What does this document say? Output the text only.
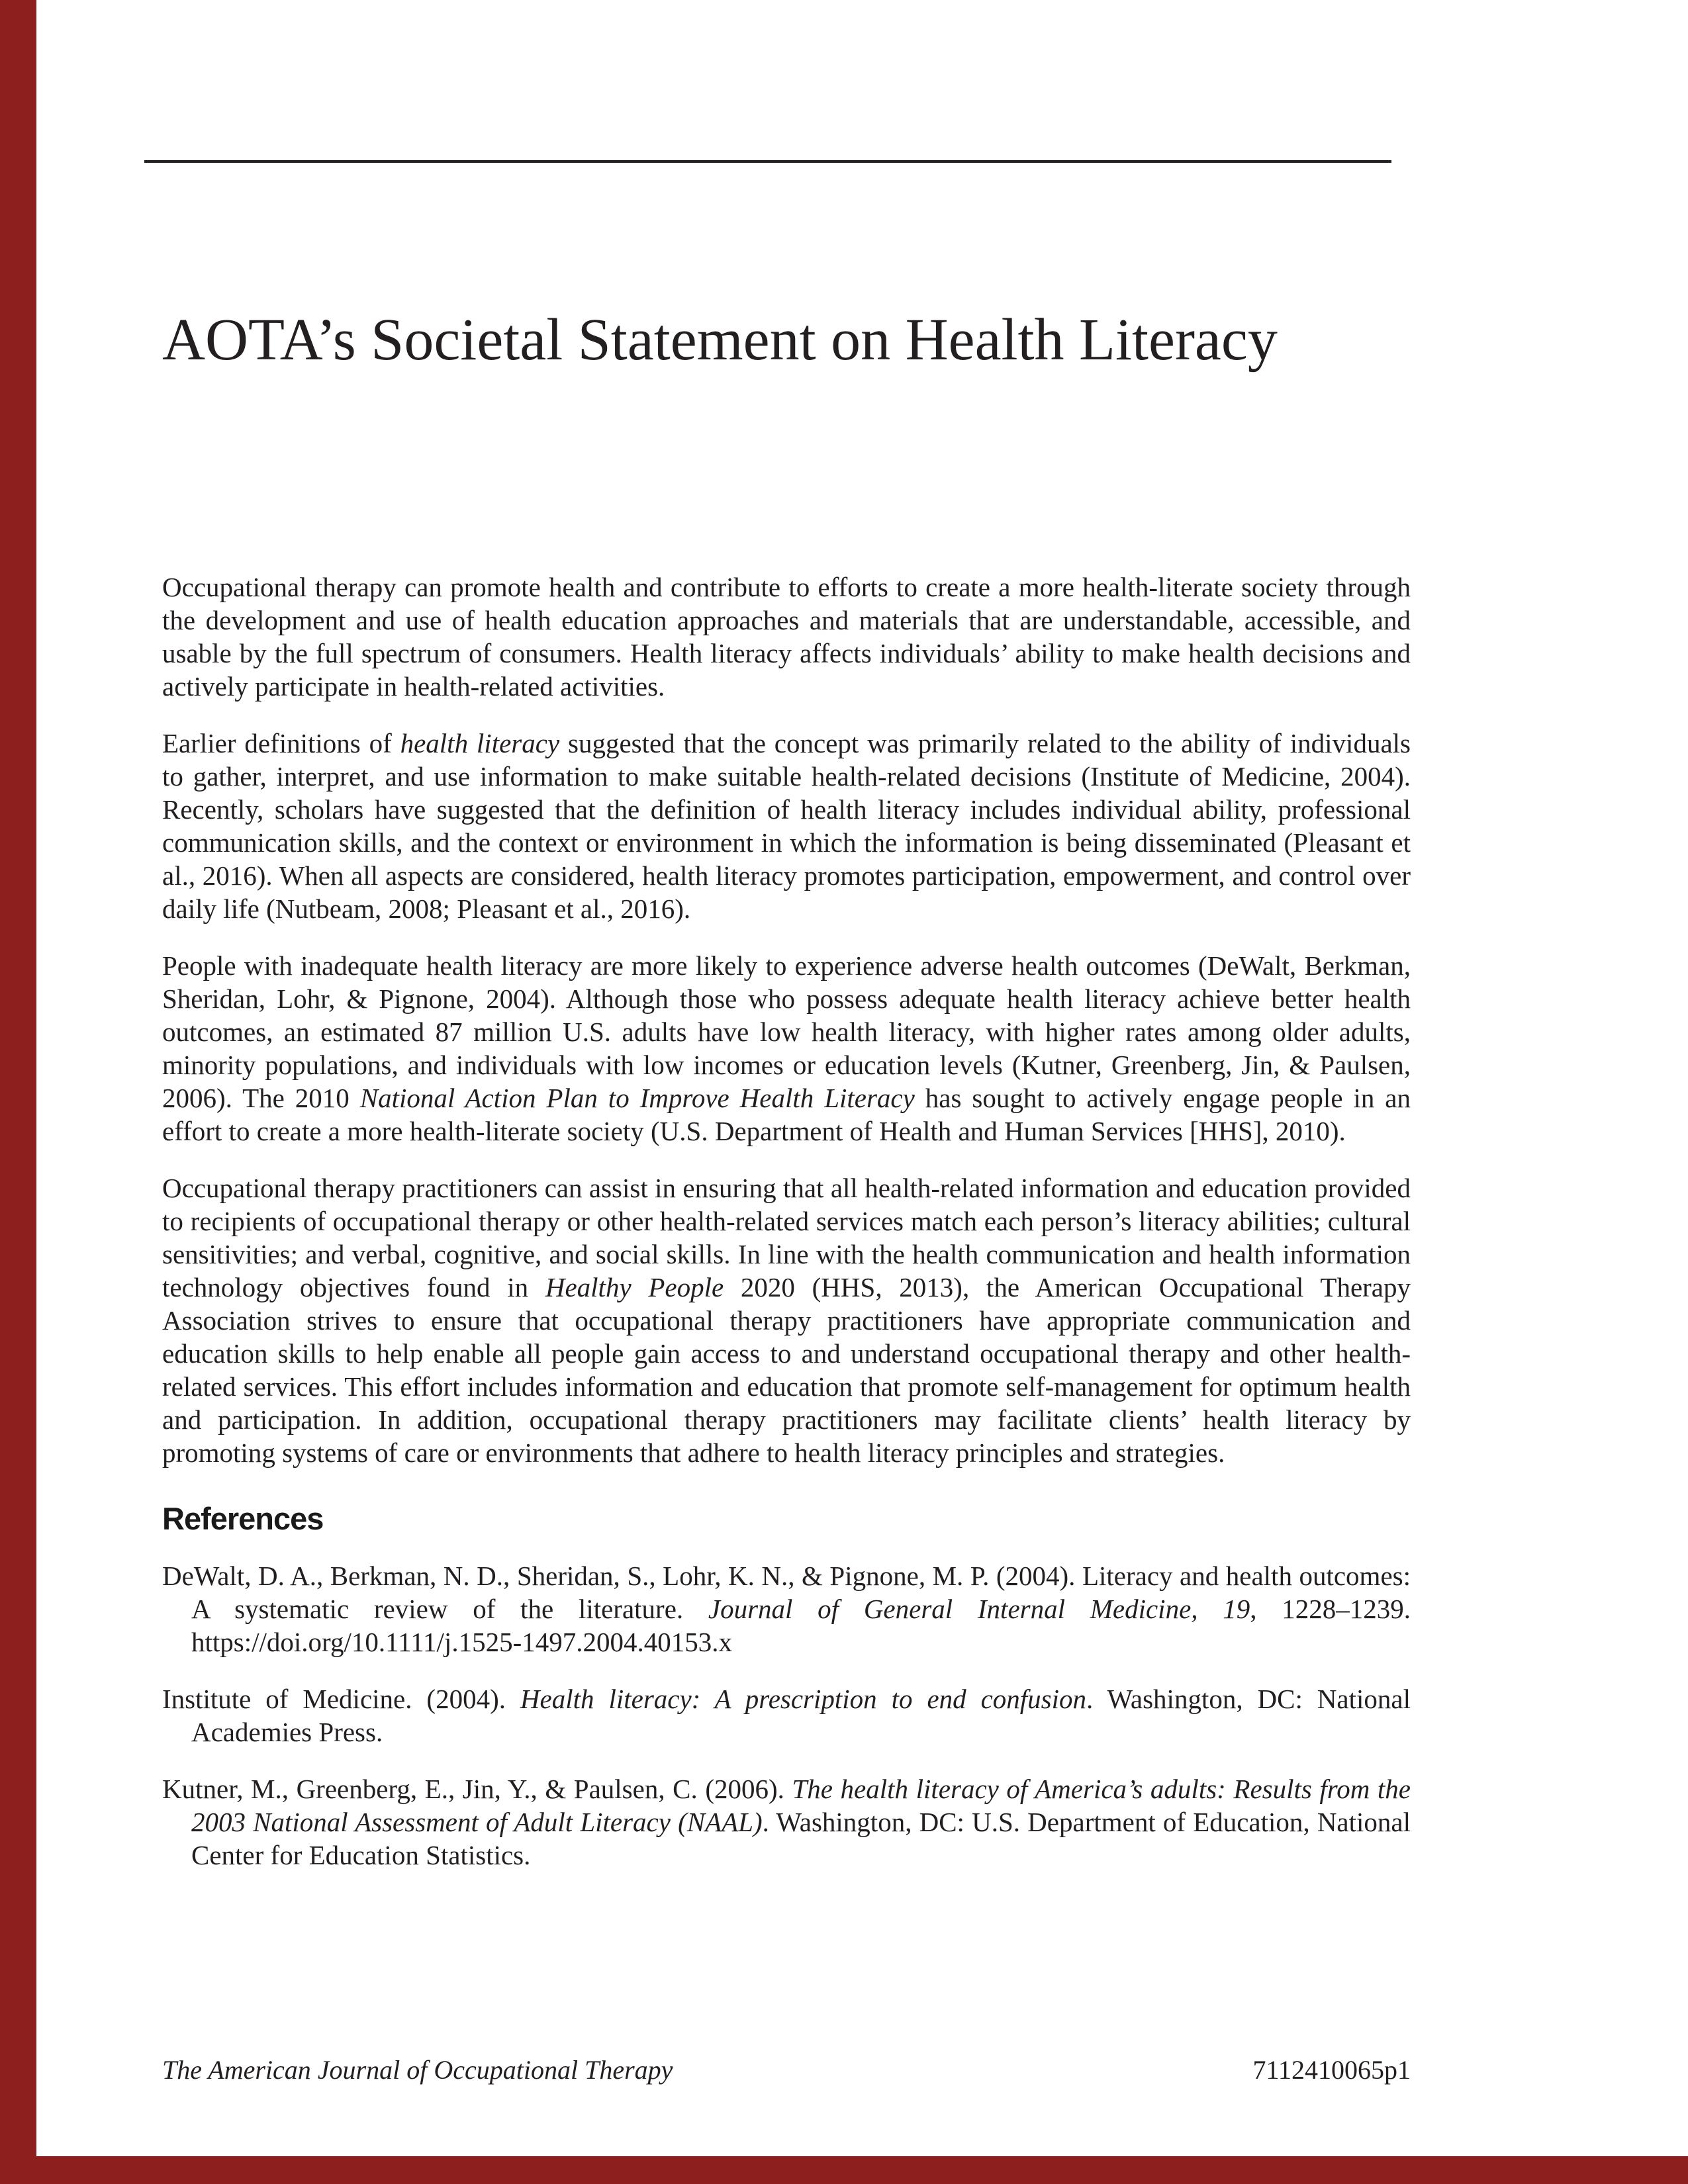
AOTA’s Societal Statement on Health Literacy

Occupational therapy can promote health and contribute to efforts to create a more health-literate society through the development and use of health education approaches and materials that are understandable, accessible, and usable by the full spectrum of consumers. Health literacy affects individuals’ ability to make health decisions and actively participate in health-related activities.

Earlier definitions of health literacy suggested that the concept was primarily related to the ability of individuals to gather, interpret, and use information to make suitable health-related decisions (Institute of Medicine, 2004). Recently, scholars have suggested that the definition of health literacy includes individual ability, professional communication skills, and the context or environment in which the information is being disseminated (Pleasant et al., 2016). When all aspects are considered, health literacy promotes participation, empowerment, and control over daily life (Nutbeam, 2008; Pleasant et al., 2016).

People with inadequate health literacy are more likely to experience adverse health outcomes (DeWalt, Berkman, Sheridan, Lohr, & Pignone, 2004). Although those who possess adequate health literacy achieve better health outcomes, an estimated 87 million U.S. adults have low health literacy, with higher rates among older adults, minority populations, and individuals with low incomes or education levels (Kutner, Greenberg, Jin, & Paulsen, 2006). The 2010 National Action Plan to Improve Health Literacy has sought to actively engage people in an effort to create a more health-literate society (U.S. Department of Health and Human Services [HHS], 2010).

Occupational therapy practitioners can assist in ensuring that all health-related information and education provided to recipients of occupational therapy or other health-related services match each person’s literacy abilities; cultural sensitivities; and verbal, cognitive, and social skills. In line with the health communication and health information technology objectives found in Healthy People 2020 (HHS, 2013), the American Occupational Therapy Association strives to ensure that occupational therapy practitioners have appropriate communication and education skills to help enable all people gain access to and understand occupational therapy and other health-related services. This effort includes information and education that promote self-management for optimum health and participation. In addition, occupational therapy practitioners may facilitate clients’ health literacy by promoting systems of care or environments that adhere to health literacy principles and strategies.

References

DeWalt, D. A., Berkman, N. D., Sheridan, S., Lohr, K. N., & Pignone, M. P. (2004). Literacy and health outcomes: A systematic review of the literature. Journal of General Internal Medicine, 19, 1228–1239. https://doi.org/10.1111/j.1525-1497.2004.40153.x

Institute of Medicine. (2004). Health literacy: A prescription to end confusion. Washington, DC: National Academies Press.

Kutner, M., Greenberg, E., Jin, Y., & Paulsen, C. (2006). The health literacy of America’s adults: Results from the 2003 National Assessment of Adult Literacy (NAAL). Washington, DC: U.S. Department of Education, National Center for Education Statistics.

The American Journal of Occupational Therapy	7112410065p1
